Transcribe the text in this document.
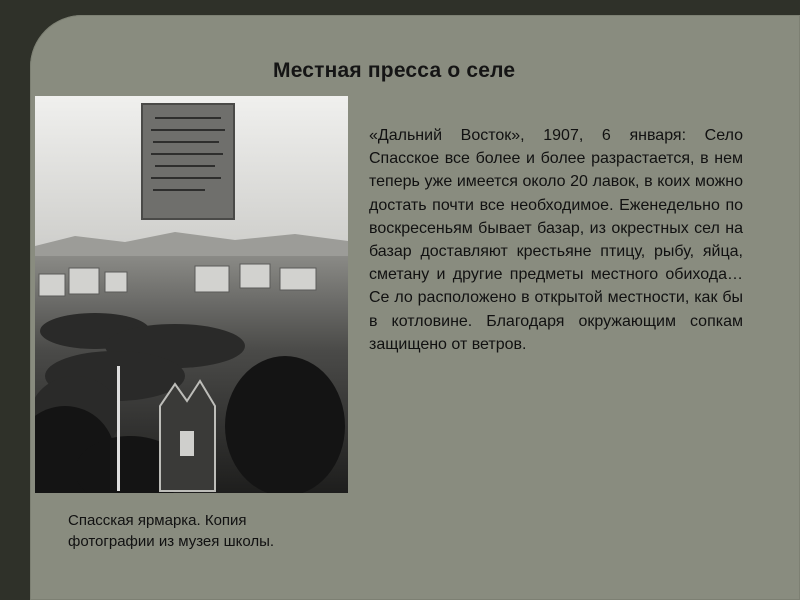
Местная пресса о селе
«Дальний Восток», 1907, 6 января: Село Спасское все более и более разрастается, в нем теперь уже имеется около 20 лавок, в коих можно достать почти все необходимое. Еженедельно по воскресеньям бывает базар, из окрестных сел на базар доставляют крестьяне птицу, рыбу, яйца, сметану и другие предметы местного обихода…Се ло расположено в открытой местности, как бы в котловине. Благодаря окружающим сопкам защищено от ветров.
Спасская ярмарка. Копия фотографии из музея школы.
